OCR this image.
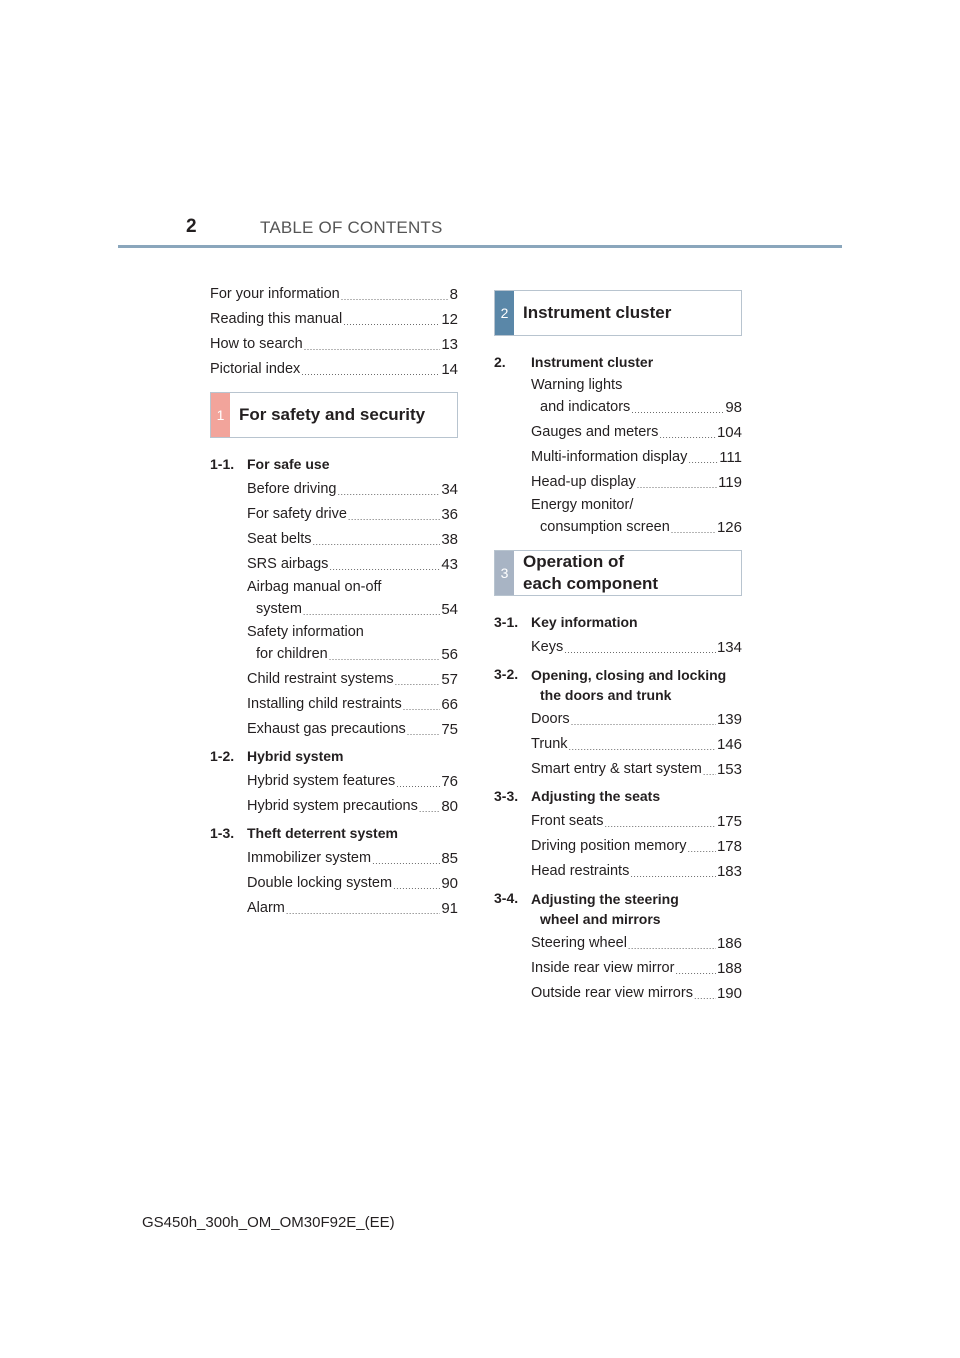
2	TABLE OF CONTENTS
For your information .....	8
Reading this manual .....	12
How to search .....	13
Pictorial index .....	14
1 For safety and security
1-1. For safe use
Before driving .....	34
For safety drive .....	36
Seat belts .....	38
SRS airbags .....	43
Airbag manual on-off
system .....	54
Safety information
for children .....	56
Child restraint systems .....	57
Installing child restraints .....	66
Exhaust gas precautions ..... 75
1-2. Hybrid system
Hybrid system features .....	76
Hybrid system precautions ..... 80
1-3. Theft deterrent system
Immobilizer system .....	85
Double locking system .....	90
Alarm .....	91
2 Instrument cluster
2.	Instrument cluster
Warning lights
and indicators .....	98
Gauges and meters .....	104
Multi-information display ..... 111
Head-up display .....	119
Energy monitor/
consumption screen .....	126
3
Operation of
each component
3-1. Key information
Keys .....	134
3-2. Opening, closing and locking
the doors and trunk
Doors .....	139
Trunk .....	146
Smart entry & start system ..... 153
3-3. Adjusting the seats
Front seats .....	175
Driving position memory ..... 178
Head restraints .....	183
3-4. Adjusting the steering
wheel and mirrors
Steering wheel .....	186
Inside rear view mirror .....	188
Outside rear view mirrors ..... 190
GS450h_300h_OM_OM30F92E_(EE)
